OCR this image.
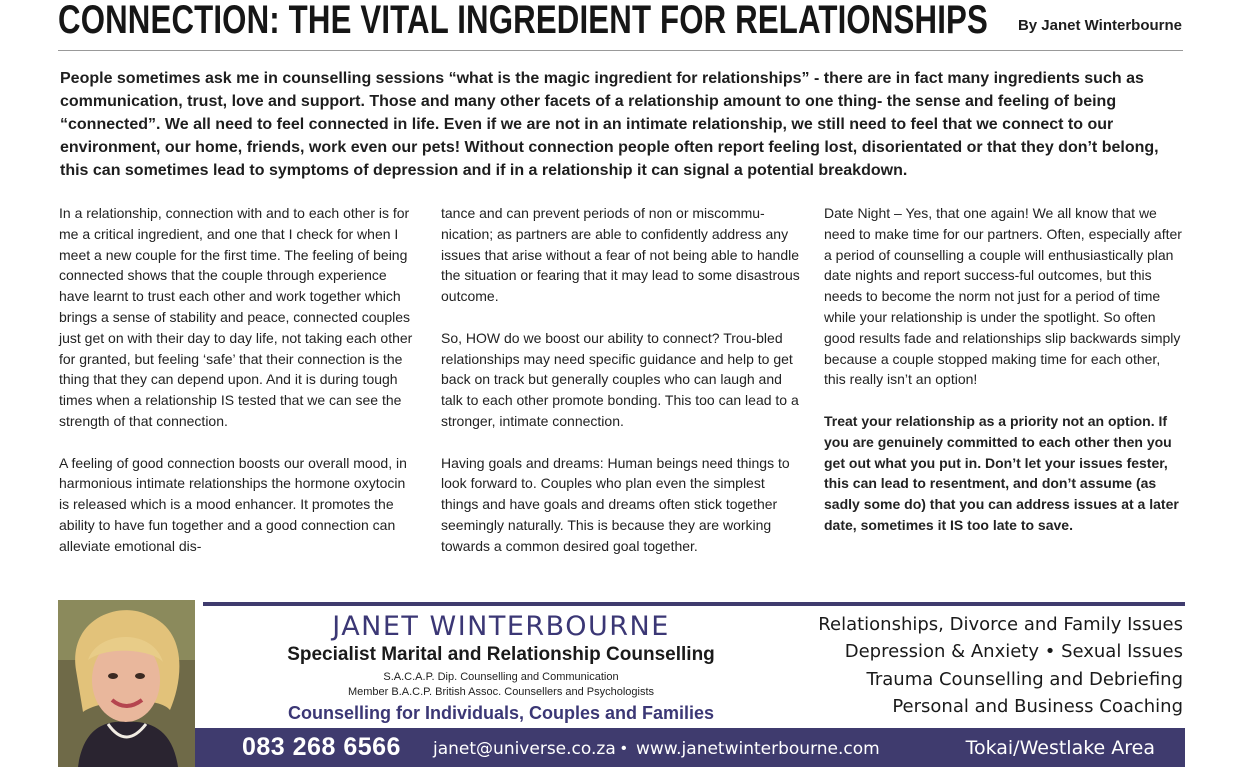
CONNECTION: THE VITAL INGREDIENT FOR RELATIONSHIPS By Janet Winterbourne
People sometimes ask me in counselling sessions “what is the magic ingredient for relationships” - there are in fact many ingredients such as communication, trust, love and support. Those and many other facets of a relationship amount to one thing- the sense and feeling of being “connected”. We all need to feel connected in life. Even if we are not in an intimate relationship, we still need to feel that we connect to our environment, our home, friends, work even our pets! Without connection people often report feeling lost, disorientated or that they don’t belong, this can sometimes lead to symptoms of depression and if in a relationship it can signal a potential breakdown.

In a relationship, connection with and to each other is for me a critical ingredient, and one that I check for when I meet a new couple for the first time. The feeling of being connected shows that the couple through experience have learnt to trust each other and work together which brings a sense of stability and peace, connected couples just get on with their day to day life, not taking each other for granted, but feeling ‘safe’ that their connection is the thing that they can depend upon. And it is during tough times when a relationship IS tested that we can see the strength of that connection.

A feeling of good connection boosts our overall mood, in harmonious intimate relationships the hormone oxytocin is released which is a mood enhancer. It promotes the ability to have fun together and a good connection can alleviate emotional dis-

tance and can prevent periods of non or miscommu-nication; as partners are able to confidently address any issues that arise without a fear of not being able to handle the situation or fearing that it may lead to some disastrous outcome.

So, HOW do we boost our ability to connect? Trou-bled relationships may need specific guidance and help to get back on track but generally couples who can laugh and talk to each other promote bonding. This too can lead to a stronger, intimate connection.

Having goals and dreams: Human beings need things to look forward to. Couples who plan even the simplest things and have goals and dreams often stick together seemingly naturally. This is because they are working towards a common desired goal together.

Date Night – Yes, that one again! We all know that we need to make time for our partners. Often, especially after a period of counselling a couple will enthusiastically plan date nights and report success-ful outcomes, but this needs to become the norm not just for a period of time while your relationship is under the spotlight. So often good results fade and relationships slip backwards simply because a couple stopped making time for each other, this really isn’t an option!

Treat your relationship as a priority not an option. If you are genuinely committed to each other then you get out what you put in. Don’t let your issues fester, this can lead to resentment, and don’t assume (as sadly some do) that you can address issues at a later date, sometimes it IS too late to save.

JANET WINTERBOURNE
Specialist Marital and Relationship Counselling
S.A.C.A.P. Dip. Counselling and Communication
Member B.A.C.P. British Assoc. Counsellers and Psychologists
Counselling for Individuals, Couples and Families
Relationships, Divorce and Family Issues
Depression & Anxiety • Sexual Issues
Trauma Counselling and Debriefing
Personal and Business Coaching
083 268 6566 janet@universe.co.za • www.janetwinterbourne.com	Tokai/Westlake Area
